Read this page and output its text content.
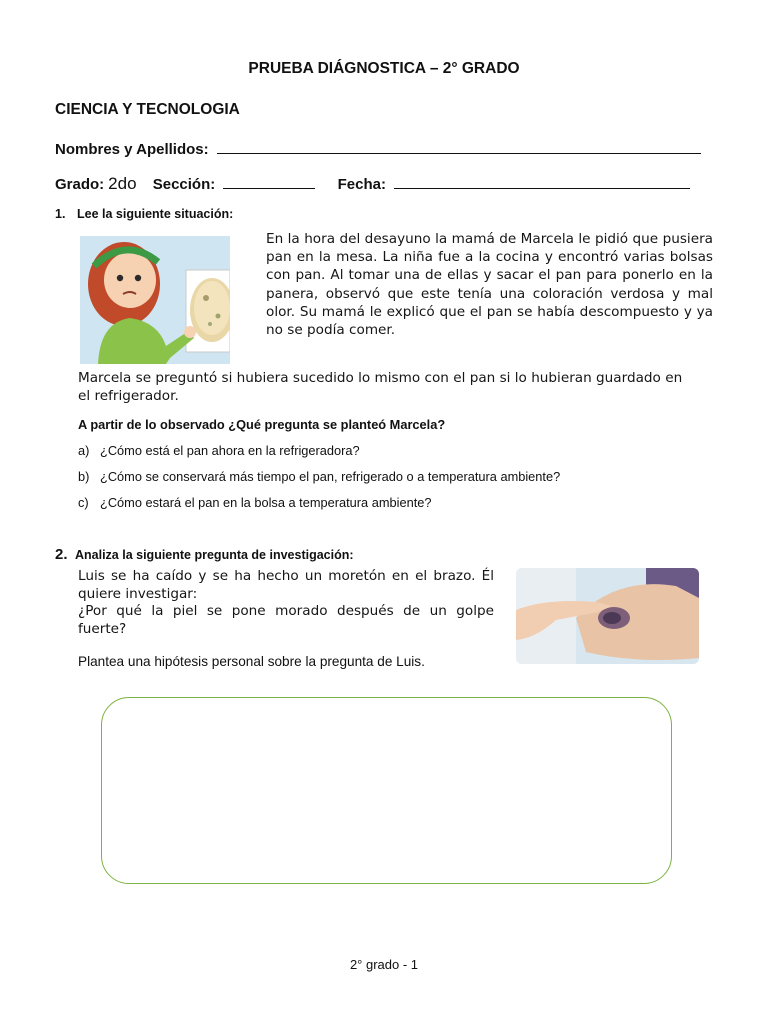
PRUEBA DIÁGNOSTICA – 2° GRADO
CIENCIA Y TECNOLOGIA
Nombres y Apellidos:
Grado: 2do Sección:	Fecha:
1. Lee la siguiente situación:
En la hora del desayuno la mamá de Marcela le pidió que pusiera pan en la mesa. La niña fue a la cocina y encontró varias bolsas con pan. Al tomar una de ellas y sacar el pan para ponerlo en la panera, observó que este tenía una coloración verdosa y mal olor. Su mamá le explicó que el pan se había descompuesto y ya no se podía comer.
Marcela se preguntó si hubiera sucedido lo mismo con el pan si lo hubieran guardado en el refrigerador.
A partir de lo observado ¿Qué pregunta se planteó Marcela?
a) ¿Cómo está el pan ahora en la refrigeradora?
b) ¿Cómo se conservará más tiempo el pan, refrigerado o a temperatura ambiente?
c) ¿Cómo estará el pan en la bolsa a temperatura ambiente?
2. Analiza la siguiente pregunta de investigación:
Luis se ha caído y se ha hecho un moretón en el brazo. Él quiere investigar:
¿Por qué la piel se pone morado después de un golpe fuerte?
Plantea una hipótesis personal sobre la pregunta de Luis.
2° grado - 1
